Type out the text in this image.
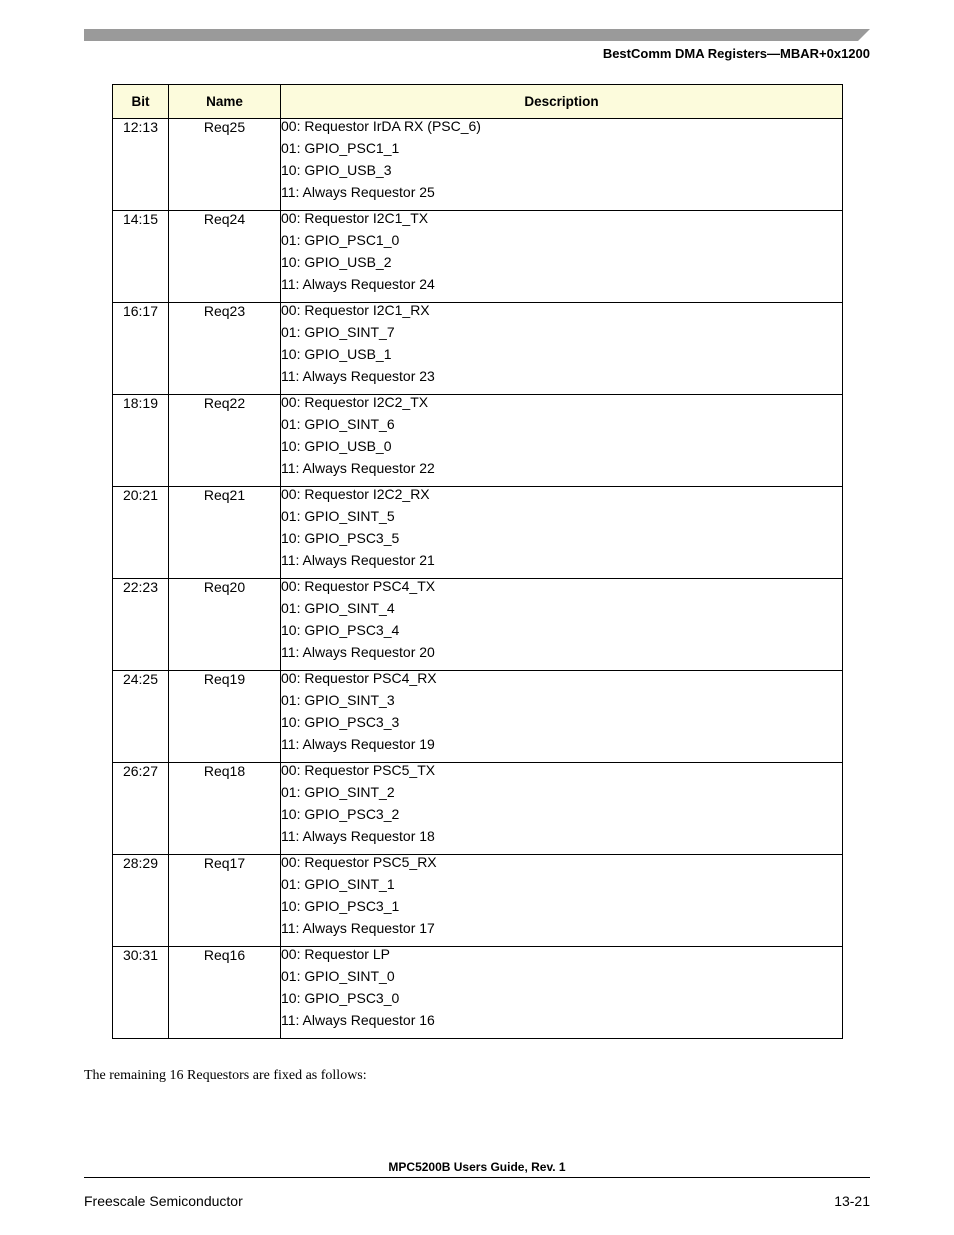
BestComm DMA Registers—MBAR+0x1200
Bit	Name	Description
12:13	Req25	00: Requestor IrDA RX (PSC_6)
01: GPIO_PSC1_1
10: GPIO_USB_3
11: Always Requestor 25

14:15	Req24	00: Requestor I2C1_TX
01: GPIO_PSC1_0
10: GPIO_USB_2
11: Always Requestor 24

16:17	Req23	00: Requestor I2C1_RX
01: GPIO_SINT_7
10: GPIO_USB_1
11: Always Requestor 23

18:19	Req22	00: Requestor I2C2_TX
01: GPIO_SINT_6
10: GPIO_USB_0
11: Always Requestor 22

20:21	Req21	00: Requestor I2C2_RX
01: GPIO_SINT_5
10: GPIO_PSC3_5
11: Always Requestor 21

22:23	Req20	00: Requestor PSC4_TX
01: GPIO_SINT_4
10: GPIO_PSC3_4
11: Always Requestor 20

24:25	Req19	00: Requestor PSC4_RX
01: GPIO_SINT_3
10: GPIO_PSC3_3
11: Always Requestor 19

26:27	Req18	00: Requestor PSC5_TX
01: GPIO_SINT_2
10: GPIO_PSC3_2
11: Always Requestor 18

28:29	Req17	00: Requestor PSC5_RX
01: GPIO_SINT_1
10: GPIO_PSC3_1
11: Always Requestor 17

30:31	Req16	00: Requestor LP
01: GPIO_SINT_0
10: GPIO_PSC3_0
11: Always Requestor 16
The remaining 16 Requestors are fixed as follows:
MPC5200B Users Guide, Rev. 1
Freescale Semiconductor	13-21
